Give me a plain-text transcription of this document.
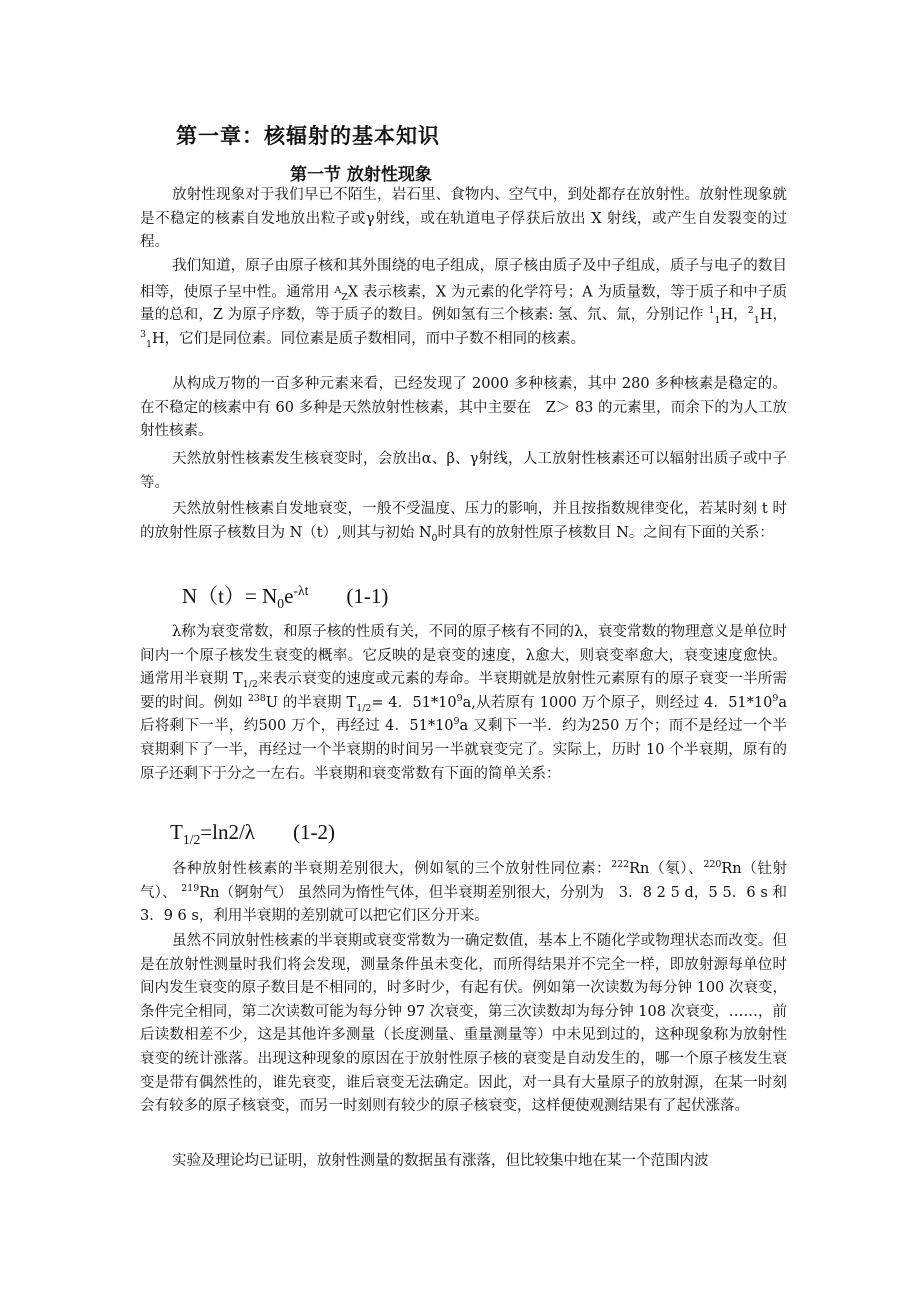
第一章：核辐射的基本知识
第一节 放射性现象

放射性现象对于我们早已不陌生，岩石里、食物内、空气中，到处都存在放射性。放射性现象就是不稳定的核素自发地放出粒子或γ射线，或在轨道电子俘获后放出 X 射线，或产生自发裂变的过程。

我们知道，原子由原子核和其外围绕的电子组成，原子核由质子及中子组成，质子与电子的数目相等，使原子呈中性。通常用 $^A_Z$X 表示核素，X 为元素的化学符号；A 为质量数，等于质子和中子质量的总和，Z 为原子序数，等于质子的数目。例如氢有三个核素: 氢、氘、氚，分别记作 $^1_1$H，$^2_1$H，$^3_1$H，它们是同位素。同位素是质子数相同，而中子数不相同的核素。

从构成万物的一百多种元素来看，已经发现了 2000 多种核素，其中 280 多种核素是稳定的。在不稳定的核素中有 60 多种是天然放射性核素，其中主要在　Z＞ 83 的元素里，而余下的为人工放射性核素。

天然放射性核素发生核衰变时，会放出α、β、γ射线，人工放射性核素还可以辐射出质子或中子等。

天然放射性核素自发地衰变，一般不受温度、压力的影响，并且按指数规律变化，若某时刻 t 时的放射性原子核数目为 N（t）,则其与初始 $N_0$时具有的放射性原子核数目 N。之间有下面的关系：

$N(t)= N_0e^{-\lambda t}$ (1-1)

λ称为衰变常数，和原子核的性质有关，不同的原子核有不同的λ，衰变常数的物理意义是单位时间内一个原子核发生衰变的概率。它反映的是衰变的速度，λ愈大，则衰变率愈大，衰变速度愈快。通常用半衰期 $T_{1/2}$来表示衰变的速度或元素的寿命。半衰期就是放射性元素原有的原子衰变一半所需要的时间。例如 $^{238}$U 的半衰期 $T_{1/2}= 4$．$51*10^9a$,从若原有 1000 万个原子，则经过 4．$51*10^9a$ 后将剩下一半，约500 万个，再经过 4．$51*10^9a$ 又剩下一半．约为250 万个；而不是经过一个半衰期剩下了一半，再经过一个半衰期的时间另一半就衰变完了。实际上，历时 10 个半衰期，原有的原子还剩下于分之一左右。半衰期和衰变常数有下面的简单关系：

$T_{1/2}=\ln 2/\lambda$ (1-2)

各种放射性核素的半衰期差别很大，例如氡的三个放射性同位素：$^{222}$Rn（氡）、$^{220}$Rn（钍射气）、 $^{219}$Rn（锕射气） 虽然同为惰性气体，但半衰期差别很大，分别为　3．8 2 5 d，5 5．6 s 和 3．9 6 s，利用半衰期的差别就可以把它们区分开来。

虽然不同放射性核素的半衰期或衰变常数为一确定数值，基本上不随化学或物理状态而改变。但是在放射性测量时我们将会发现，测量条件虽未变化，而所得结果并不完全一样，即放射源每单位时间内发生衰变的原子数目是不相同的，时多时少，有起有伏。例如第一次读数为每分钟 100 次衰变，条件完全相同，第二次读数可能为每分钟 97 次衰变，第三次读数却为每分钟 108 次衰变，……，前后读数相差不少，这是其他许多测量（长度测量、重量测量等）中未见到过的，这种现象称为放射性衰变的统计涨落。出现这种现象的原因在于放射性原子核的衰变是自动发生的，哪一个原子核发生衰变是带有偶然性的，谁先衰变，谁后衰变无法确定。因此，对一具有大量原子的放射源，在某一时刻会有较多的原子核衰变，而另一时刻则有较少的原子核衰变，这样便使观测结果有了起伏涨落。

实验及理论均已证明，放射性测量的数据虽有涨落，但比较集中地在某一个范围内波
